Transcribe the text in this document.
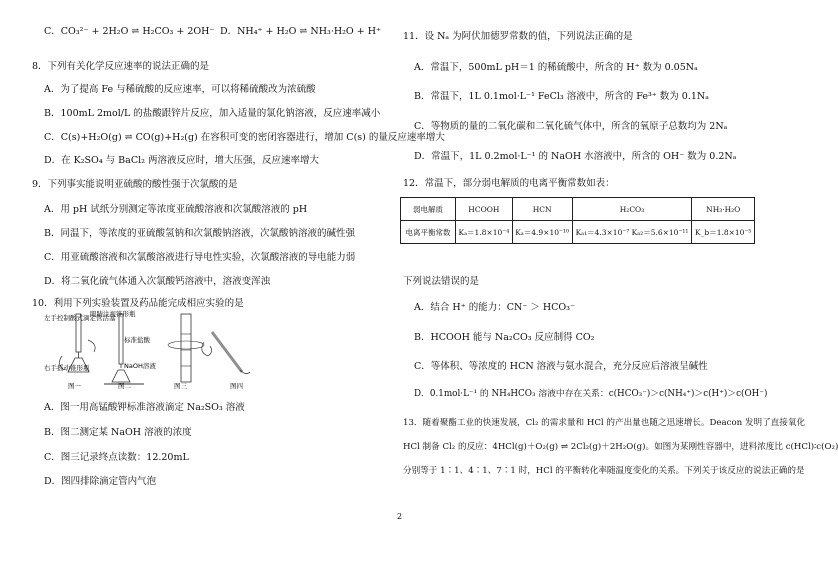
C．CO₃²⁻ + 2H₂O ⇌ H₂CO₃ + 2OH⁻ D．NH₄⁺ + H₂O ⇌ NH₃·H₂O + H⁺
8．下列有关化学反应速率的说法正确的是
A．为了提高 Fe 与稀硫酸的反应速率，可以将稀硫酸改为浓硫酸
B．100mL 2mol/L 的盐酸跟锌片反应，加入适量的氯化钠溶液，反应速率减小
C．C(s)+H₂O(g) ⇌ CO(g)+H₂(g) 在容积可变的密闭容器进行，增加 C(s) 的量反应速率增大
D．在 K₂SO₄ 与 BaCl₂ 两溶液反应时，增大压强，反应速率增大
9．下列事实能说明亚硫酸的酸性强于次氯酸的是
A．用 pH 试纸分别测定等浓度亚硫酸溶液和次氯酸溶液的 pH
B．同温下，等浓度的亚硫酸氢钠和次氯酸钠溶液，次氯酸钠溶液的碱性强
C．用亚硫酸溶液和次氯酸溶液进行导电性实验，次氯酸溶液的导电能力弱
D．将二氧化硫气体通入次氯酸钙溶液中，溶液变浑浊
10．利用下列实验装置及药品能完成相应实验的是
左手控制酸式滴定管活塞
眼睛注视锥形瓶
标准盐酸
右手摇动锥形瓶	NaOH溶液
图一	图二	图三	图四
A．图一用高锰酸钾标准溶液滴定 Na₂SO₃ 溶液
B．图二测定某 NaOH 溶液的浓度
C．图三记录终点读数：12.20mL
D．图四排除滴定管内气泡
11．设 Nₐ 为阿伏加德罗常数的值，下列说法正确的是
A．常温下，500mL pH＝1 的稀硫酸中，所含的 H⁺ 数为 0.05Nₐ
B．常温下，1L 0.1mol·L⁻¹ FeCl₃ 溶液中，所含的 Fe³⁺ 数为 0.1Nₐ
C．等物质的量的二氧化碳和二氧化硫气体中，所含的氧原子总数均为 2Nₐ
D．常温下，1L 0.2mol·L⁻¹ 的 NaOH 水溶液中，所含的 OH⁻ 数为 0.2Nₐ
12．常温下，部分弱电解质的电离平衡常数如表：
弱电解质	HCOOH	HCN	H₂CO₃	NH₃·H₂O
电离平衡常数	Kₐ＝1.8×10⁻⁴	Kₐ＝4.9×10⁻¹⁰	Kₐ₁＝4.3×10⁻⁷ Kₐ₂＝5.6×10⁻¹¹	K_b＝1.8×10⁻⁵
下列说法错误的是
A．结合 H⁺ 的能力：CN⁻ ＞ HCO₃⁻
B．HCOOH 能与 Na₂CO₃ 反应制得 CO₂
C．等体积、等浓度的 HCN 溶液与氨水混合，充分反应后溶液呈碱性
D．0.1mol·L⁻¹ 的 NH₄HCO₃ 溶液中存在关系：c(HCO₃⁻)＞c(NH₄⁺)＞c(H⁺)＞c(OH⁻)
13．随着聚酯工业的快速发展，Cl₂ 的需求量和 HCl 的产出量也随之迅速增长。Deacon 发明了直接氧化
HCl 制备 Cl₂ 的反应：4HCl(g)＋O₂(g) ⇌ 2Cl₂(g)＋2H₂O(g)。如图为某刚性容器中，进料浓度比 c(HCl)∶c(O₂)
分别等于 1∶1、4∶1、7∶1 时，HCl 的平衡转化率随温度变化的关系。下列关于该反应的说法正确的是
2
